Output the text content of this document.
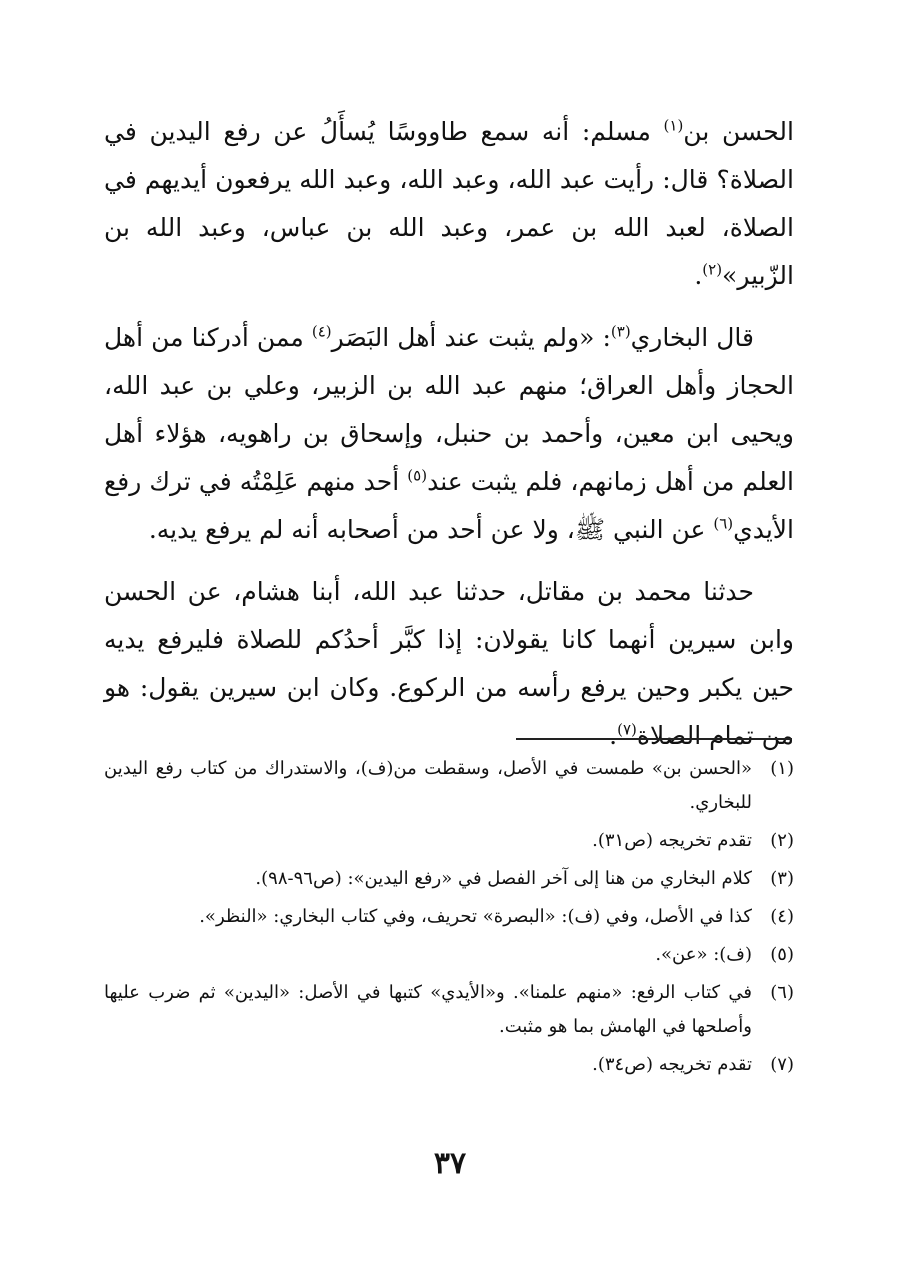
الحسن بن$^{(١)}$ مسلم: أنه سمع طاووسًا يُسأَلُ عن رفع اليدين في الصلاة؟ قال: رأيت عبد الله، وعبد الله، وعبد الله يرفعون أيديهم في الصلاة، لعبد الله بن عمر، وعبد الله بن عباس، وعبد الله بن الزّبير»$^{(٢)}$.

قال البخاري$^{(٣)}$: «ولم يثبت عند أهل البَصَر$^{(٤)}$ ممن أدركنا من أهل الحجاز وأهل العراق؛ منهم عبد الله بن الزبير، وعلي بن عبد الله، ويحيى ابن معين، وأحمد بن حنبل، وإسحاق بن راهويه، هؤلاء أهل العلم من أهل زمانهم، فلم يثبت عند$^{(٥)}$ أحد منهم عَلِمْتُه في ترك رفع الأيدي$^{(٦)}$ عن النبي ﷺ، ولا عن أحد من أصحابه أنه لم يرفع يديه.

حدثنا محمد بن مقاتل، حدثنا عبد الله، أبنا هشام، عن الحسن وابن سيرين أنهما كانا يقولان: إذا كبَّر أحدُكم للصلاة فليرفع يديه حين يكبر وحين يرفع رأسه من الركوع. وكان ابن سيرين يقول: هو من تمام الصلاة$^{(٧)}$.

(١)
«الحسن بن» طمست في الأصل، وسقطت من(ف)، والاستدراك من كتاب رفع اليدين للبخاري.
(٢)
تقدم تخريجه (ص٣١).
(٣)
كلام البخاري من هنا إلى آخر الفصل في «رفع اليدين»: (ص٩٦-٩٨).
(٤)
كذا في الأصل، وفي (ف): «البصرة» تحريف، وفي كتاب البخاري: «النظر».
(٥)
(ف): «عن».
(٦)
في كتاب الرفع: «منهم علمنا». و«الأيدي» كتبها في الأصل: «اليدين» ثم ضرب عليها وأصلحها في الهامش بما هو مثبت.
(٧)
تقدم تخريجه (ص٣٤).
٣٧
